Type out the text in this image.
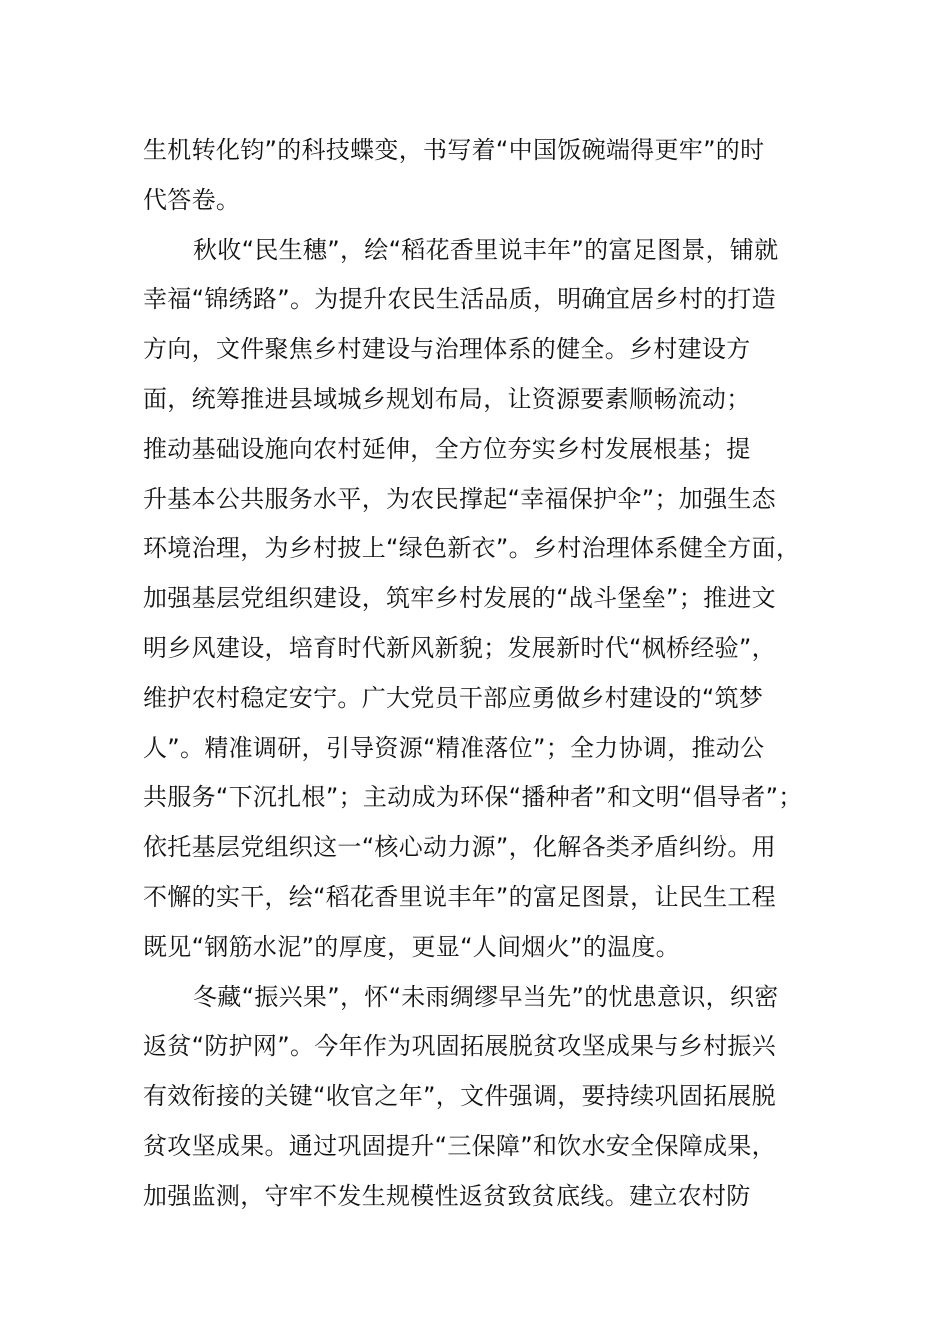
生机转化钧”的科技蝶变，书写着“中国饭碗端得更牢”的时
代答卷。
秋收“民生穗”，绘“稻花香里说丰年”的富足图景，铺就
幸福“锦绣路”。为提升农民生活品质，明确宜居乡村的打造
方向，文件聚焦乡村建设与治理体系的健全。乡村建设方
面，统筹推进县域城乡规划布局，让资源要素顺畅流动；
推动基础设施向农村延伸，全方位夯实乡村发展根基；提
升基本公共服务水平，为农民撑起“幸福保护伞”；加强生态
环境治理，为乡村披上“绿色新衣”。乡村治理体系健全方面，
加强基层党组织建设，筑牢乡村发展的“战斗堡垒”；推进文
明乡风建设，培育时代新风新貌；发展新时代“枫桥经验”，
维护农村稳定安宁。广大党员干部应勇做乡村建设的“筑梦
人”。精准调研，引导资源“精准落位”；全力协调，推动公
共服务“下沉扎根”；主动成为环保“播种者”和文明“倡导者”；
依托基层党组织这一“核心动力源”，化解各类矛盾纠纷。用
不懈的实干，绘“稻花香里说丰年”的富足图景，让民生工程
既见“钢筋水泥”的厚度，更显“人间烟火”的温度。
冬藏“振兴果”，怀“未雨绸缪早当先”的忧患意识，织密
返贫“防护网”。今年作为巩固拓展脱贫攻坚成果与乡村振兴
有效衔接的关键“收官之年”，文件强调，要持续巩固拓展脱
贫攻坚成果。通过巩固提升“三保障”和饮水安全保障成果，
加强监测，守牢不发生规模性返贫致贫底线。建立农村防
